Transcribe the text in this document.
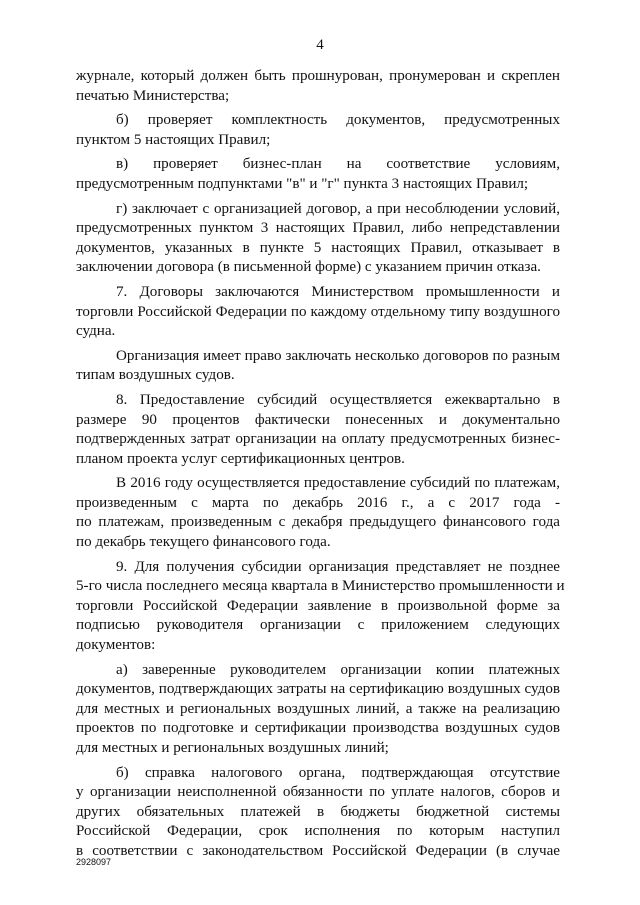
4
журнале, который должен быть прошнурован, пронумерован и скреплен
печатью Министерства;
б) проверяет комплектность документов, предусмотренных
пунктом 5 настоящих Правил;
в) проверяет бизнес-план на соответствие условиям,
предусмотренным подпунктами "в" и "г" пункта 3 настоящих Правил;
г) заключает с организацией договор, а при несоблюдении условий,
предусмотренных пунктом 3 настоящих Правил, либо непредставлении
документов, указанных в пункте 5 настоящих Правил, отказывает в
заключении договора (в письменной форме) с указанием причин отказа.
7. Договоры заключаются Министерством промышленности и
торговли Российской Федерации по каждому отдельному типу воздушного
судна.
Организация имеет право заключать несколько договоров по разным
типам воздушных судов.
8. Предоставление субсидий осуществляется ежеквартально в
размере 90 процентов фактически понесенных и документально
подтвержденных затрат организации на оплату предусмотренных бизнес-
планом проекта услуг сертификационных центров.
В 2016 году осуществляется предоставление субсидий по платежам,
произведенным с марта по декабрь 2016 г., а с 2017 года -
по платежам, произведенным с декабря предыдущего финансового года
по декабрь текущего финансового года.
9. Для получения субсидии организация представляет не позднее
5-го числа последнего месяца квартала в Министерство промышленности и
торговли Российской Федерации заявление в произвольной форме за
подписью руководителя организации с приложением следующих
документов:
а) заверенные руководителем организации копии платежных
документов, подтверждающих затраты на сертификацию воздушных судов
для местных и региональных воздушных линий, а также на реализацию
проектов по подготовке и сертификации производства воздушных судов
для местных и региональных воздушных линий;
б) справка налогового органа, подтверждающая отсутствие
у организации неисполненной обязанности по уплате налогов, сборов и
других обязательных платежей в бюджеты бюджетной системы
Российской Федерации, срок исполнения по которым наступил
в соответствии с законодательством Российской Федерации (в случае
2928097
